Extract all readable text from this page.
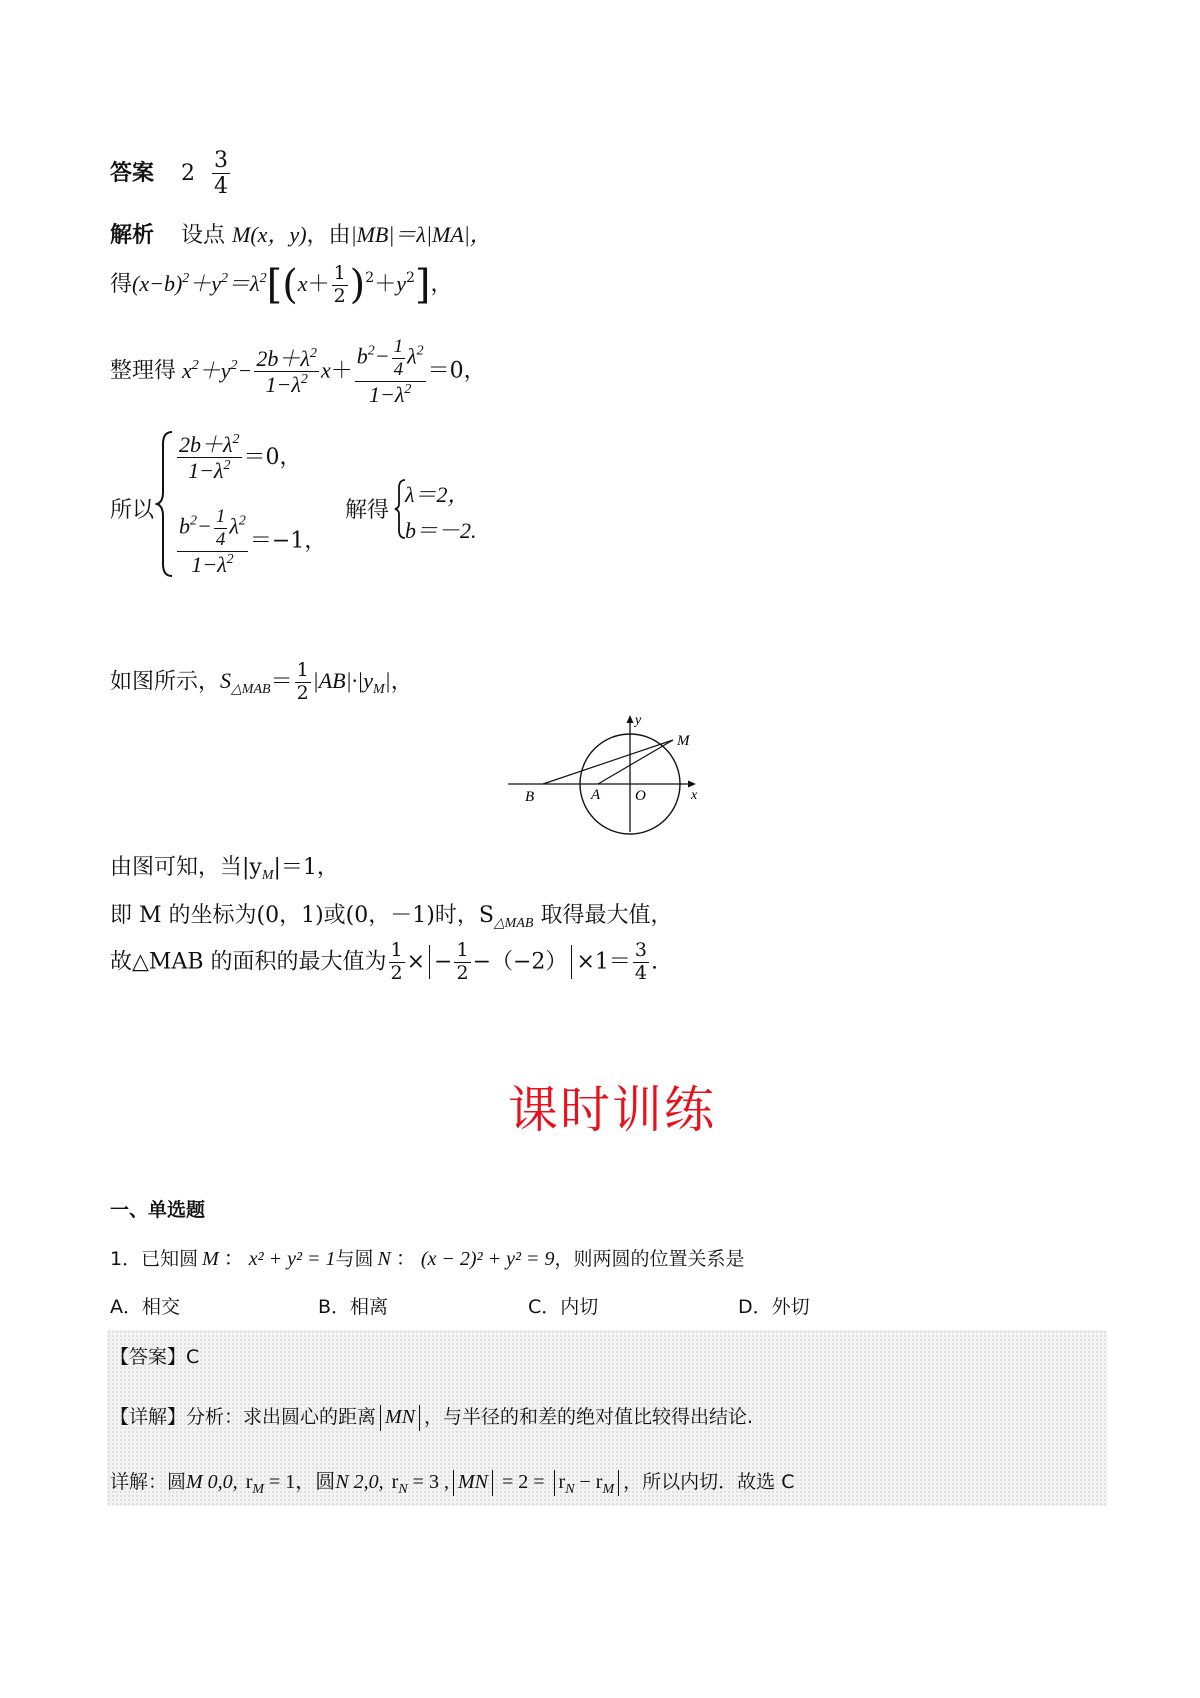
答案 $2 \frac{3}{4}$
解析 设点 M(x，y)，由|MB|＝λ|MA|，
得$(x-b)^2+y^2=\lambda^2[(x+ \frac{1}{2} )^2+y^2]$，
整理得 $x^2+y^2- \frac{2b+\lambda^2}{1-\lambda^2} x+ \frac{b^2- \frac{1}{4} \lambda^2}{1-\lambda^2} =0$，
所以
$\frac{2b+\lambda^2}{1-\lambda^2} =0$，
$\frac{b^2- \frac{1}{4} \lambda^2}{1-\lambda^2} =-1$，
解得
λ＝2，
b＝－2.
如图所示，$S_{\triangle MAB}= \frac{1}{2} |AB|\cdot|y_M|$，
y
M
B	A O	x
由图可知，当$|y_M|=1$，
即 M 的坐标为(0，1)或(0，－1)时，$S_{\triangle MAB}$ 取得最大值，
故△MAB 的面积的最大值为 $\frac{1}{2}$ × − $\frac{1}{2} -(-2) \times 1= \frac{3}{4}$ .
课时训练
一、单选题
1．已知圆 M ： x² + y² = 1与圆 N ： (x − 2)² + y² = 9，则两圆的位置关系是
A．相交	B．相离	C．内切	D．外切
【答案】C
【详解】分析：求出圆心的距离 MN ，与半径的和差的绝对值比较得出结论.
详解：圆M 0,0, $r_M = 1$，圆N 2,0, $r_N = 3$ , MN = $2 = r_N - r_M$ ，所以内切．故选 C
